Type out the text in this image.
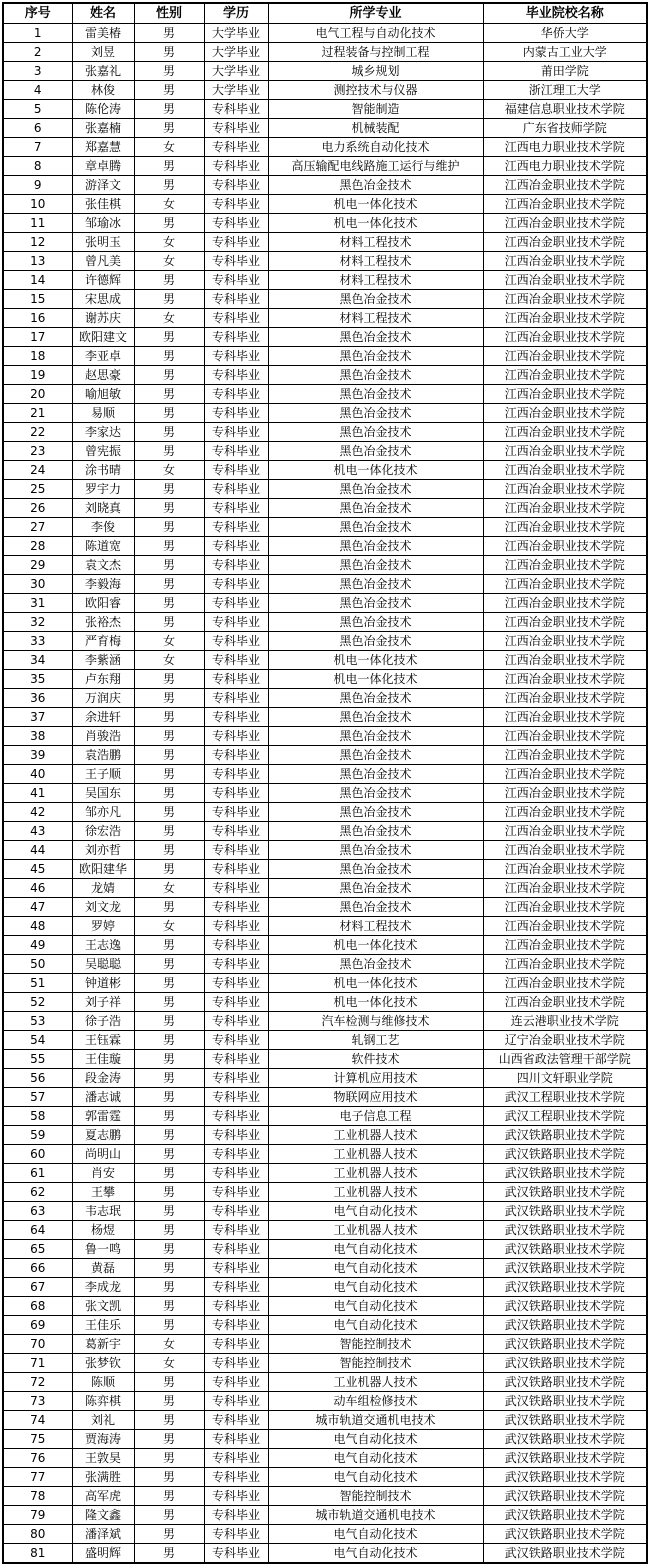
序号	姓名	性别	学历	所学专业	毕业院校名称
1	雷美椿	男	大学毕业	电气工程与自动化技术	华侨大学
2	刘昱	男	大学毕业	过程装备与控制工程	内蒙古工业大学
3	张嘉礼	男	大学毕业	城乡规划	莆田学院
4	林俊	男	大学毕业	测控技术与仪器	浙江理工大学
5	陈伦涛	男	专科毕业	智能制造	福建信息职业技术学院
6	张嘉楠	男	专科毕业	机械装配	广东省技师学院
7	郑嘉慧	女	专科毕业	电力系统自动化技术	江西电力职业技术学院
8	章卓腾	男	专科毕业	高压输配电线路施工运行与维护	江西电力职业技术学院
9	游泽文	男	专科毕业	黑色冶金技术	江西冶金职业技术学院
10	张佳棋	女	专科毕业	机电一体化技术	江西冶金职业技术学院
11	邹瑜冰	男	专科毕业	机电一体化技术	江西冶金职业技术学院
12	张明玉	女	专科毕业	材料工程技术	江西冶金职业技术学院
13	曾凡美	女	专科毕业	材料工程技术	江西冶金职业技术学院
14	许德辉	男	专科毕业	材料工程技术	江西冶金职业技术学院
15	宋思成	男	专科毕业	黑色冶金技术	江西冶金职业技术学院
16	谢苏庆	女	专科毕业	材料工程技术	江西冶金职业技术学院
17	欧阳建文	男	专科毕业	黑色冶金技术	江西冶金职业技术学院
18	李亚卓	男	专科毕业	黑色冶金技术	江西冶金职业技术学院
19	赵思豪	男	专科毕业	黑色冶金技术	江西冶金职业技术学院
20	喻旭敏	男	专科毕业	黑色冶金技术	江西冶金职业技术学院
21	易顺	男	专科毕业	黑色冶金技术	江西冶金职业技术学院
22	李家达	男	专科毕业	黑色冶金技术	江西冶金职业技术学院
23	曾宪振	男	专科毕业	黑色冶金技术	江西冶金职业技术学院
24	涂书晴	女	专科毕业	机电一体化技术	江西冶金职业技术学院
25	罗宇力	男	专科毕业	黑色冶金技术	江西冶金职业技术学院
26	刘晓真	男	专科毕业	黑色冶金技术	江西冶金职业技术学院
27	李俊	男	专科毕业	黑色冶金技术	江西冶金职业技术学院
28	陈道宽	男	专科毕业	黑色冶金技术	江西冶金职业技术学院
29	袁文杰	男	专科毕业	黑色冶金技术	江西冶金职业技术学院
30	李毅海	男	专科毕业	黑色冶金技术	江西冶金职业技术学院
31	欧阳睿	男	专科毕业	黑色冶金技术	江西冶金职业技术学院
32	张裕杰	男	专科毕业	黑色冶金技术	江西冶金职业技术学院
33	严育梅	女	专科毕业	黑色冶金技术	江西冶金职业技术学院
34	李紫涵	女	专科毕业	机电一体化技术	江西冶金职业技术学院
35	卢东翔	男	专科毕业	机电一体化技术	江西冶金职业技术学院
36	万润庆	男	专科毕业	黑色冶金技术	江西冶金职业技术学院
37	余进轩	男	专科毕业	黑色冶金技术	江西冶金职业技术学院
38	肖骏浩	男	专科毕业	黑色冶金技术	江西冶金职业技术学院
39	袁浩鹏	男	专科毕业	黑色冶金技术	江西冶金职业技术学院
40	王子顺	男	专科毕业	黑色冶金技术	江西冶金职业技术学院
41	吴国东	男	专科毕业	黑色冶金技术	江西冶金职业技术学院
42	邹亦凡	男	专科毕业	黑色冶金技术	江西冶金职业技术学院
43	徐宏浩	男	专科毕业	黑色冶金技术	江西冶金职业技术学院
44	刘亦哲	男	专科毕业	黑色冶金技术	江西冶金职业技术学院
45	欧阳建华	男	专科毕业	黑色冶金技术	江西冶金职业技术学院
46	龙婧	女	专科毕业	黑色冶金技术	江西冶金职业技术学院
47	刘文龙	男	专科毕业	黑色冶金技术	江西冶金职业技术学院
48	罗婷	女	专科毕业	材料工程技术	江西冶金职业技术学院
49	王志逸	男	专科毕业	机电一体化技术	江西冶金职业技术学院
50	吴聪聪	男	专科毕业	黑色冶金技术	江西冶金职业技术学院
51	钟道彬	男	专科毕业	机电一体化技术	江西冶金职业技术学院
52	刘子祥	男	专科毕业	机电一体化技术	江西冶金职业技术学院
53	徐子浩	男	专科毕业	汽车检测与维修技术	连云港职业技术学院
54	王钰霖	男	专科毕业	轧钢工艺	辽宁冶金职业技术学院
55	王佳璇	男	专科毕业	软件技术	山西省政法管理干部学院
56	段金涛	男	专科毕业	计算机应用技术	四川文轩职业学院
57	潘志诚	男	专科毕业	物联网应用技术	武汉工程职业技术学院
58	郭雷霆	男	专科毕业	电子信息工程	武汉工程职业技术学院
59	夏志鹏	男	专科毕业	工业机器人技术	武汉铁路职业技术学院
60	尚明山	男	专科毕业	工业机器人技术	武汉铁路职业技术学院
61	肖安	男	专科毕业	工业机器人技术	武汉铁路职业技术学院
62	王攀	男	专科毕业	工业机器人技术	武汉铁路职业技术学院
63	韦志珉	男	专科毕业	电气自动化技术	武汉铁路职业技术学院
64	杨煜	男	专科毕业	工业机器人技术	武汉铁路职业技术学院
65	鲁一鸣	男	专科毕业	电气自动化技术	武汉铁路职业技术学院
66	黄磊	男	专科毕业	电气自动化技术	武汉铁路职业技术学院
67	李成龙	男	专科毕业	电气自动化技术	武汉铁路职业技术学院
68	张文凯	男	专科毕业	电气自动化技术	武汉铁路职业技术学院
69	王佳乐	男	专科毕业	电气自动化技术	武汉铁路职业技术学院
70	葛新宇	女	专科毕业	智能控制技术	武汉铁路职业技术学院
71	张梦钦	女	专科毕业	智能控制技术	武汉铁路职业技术学院
72	陈顺	男	专科毕业	工业机器人技术	武汉铁路职业技术学院
73	陈弈棋	男	专科毕业	动车组检修技术	武汉铁路职业技术学院
74	刘礼	男	专科毕业	城市轨道交通机电技术	武汉铁路职业技术学院
75	贾海涛	男	专科毕业	电气自动化技术	武汉铁路职业技术学院
76	王敦昊	男	专科毕业	电气自动化技术	武汉铁路职业技术学院
77	张满胜	男	专科毕业	电气自动化技术	武汉铁路职业技术学院
78	高军虎	男	专科毕业	智能控制技术	武汉铁路职业技术学院
79	隆文鑫	男	专科毕业	城市轨道交通机电技术	武汉铁路职业技术学院
80	潘泽斌	男	专科毕业	电气自动化技术	武汉铁路职业技术学院
81	盛明辉	男	专科毕业	电气自动化技术	武汉铁路职业技术学院
